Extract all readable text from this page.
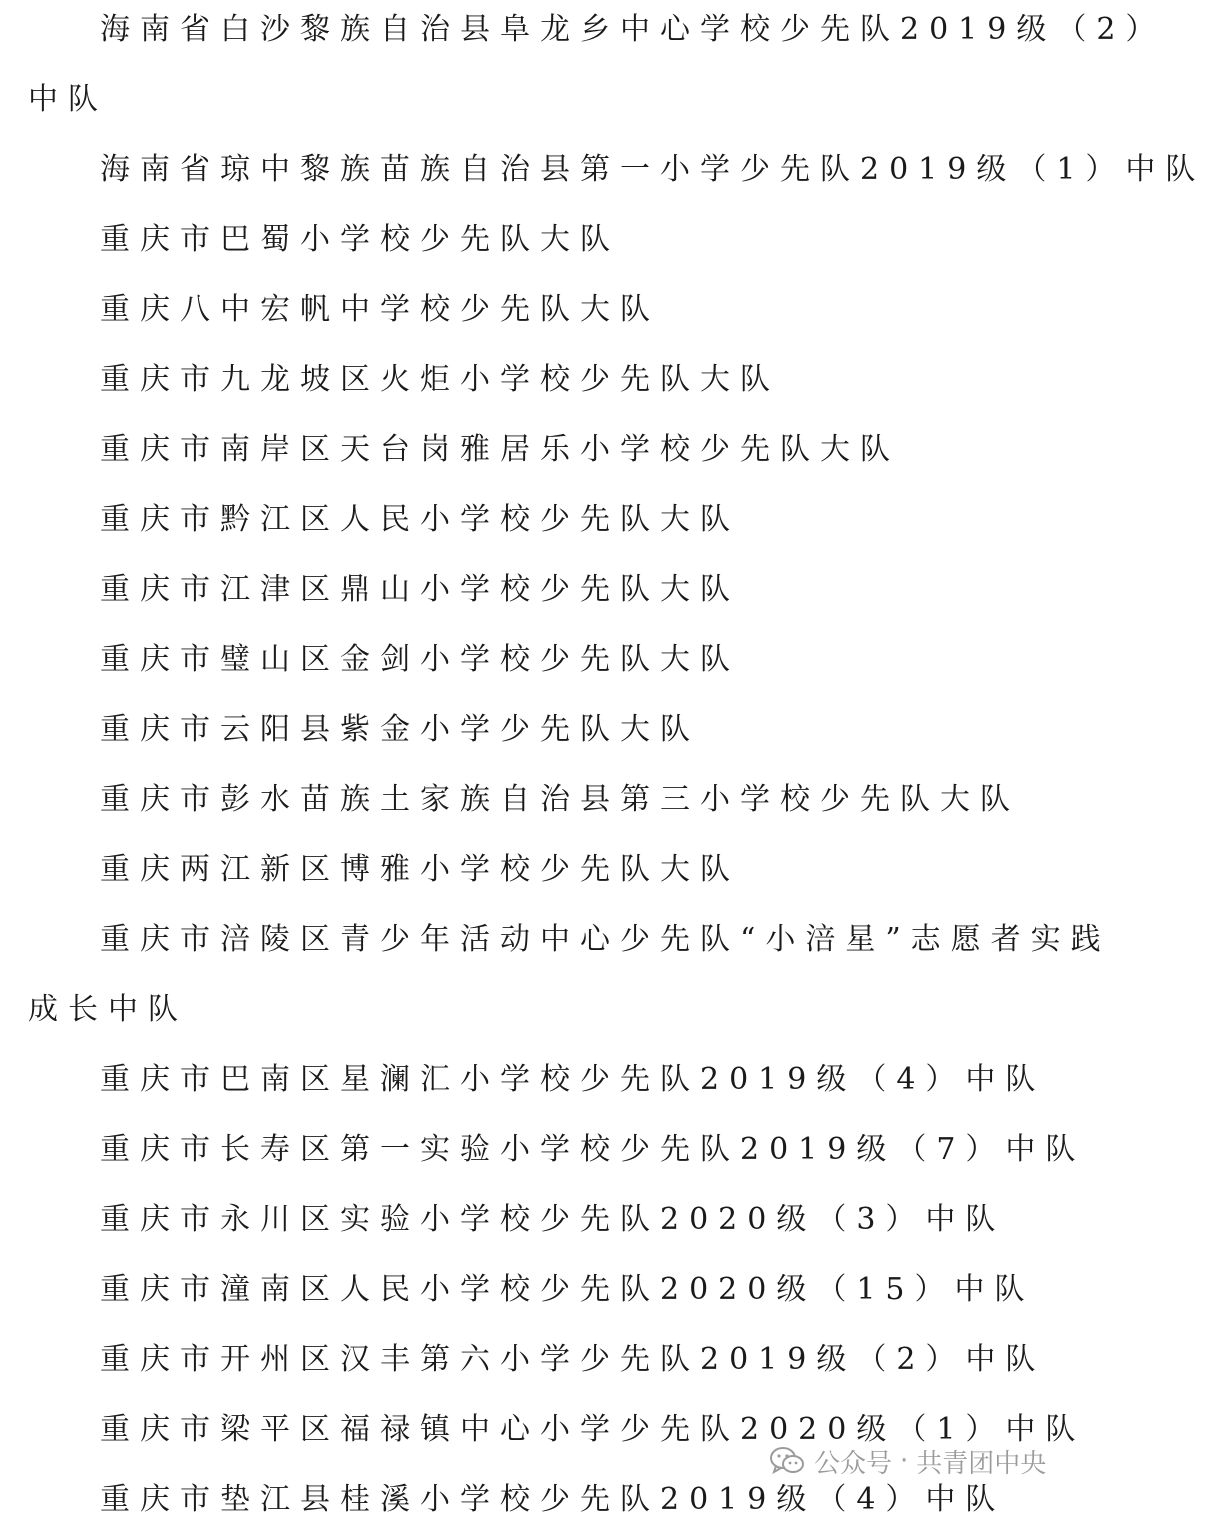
海南省白沙黎族自治县阜龙乡中心学校少先队2019级（2）
中队
海南省琼中黎族苗族自治县第一小学少先队2019级（1）中队
重庆市巴蜀小学校少先队大队
重庆八中宏帆中学校少先队大队
重庆市九龙坡区火炬小学校少先队大队
重庆市南岸区天台岗雅居乐小学校少先队大队
重庆市黔江区人民小学校少先队大队
重庆市江津区鼎山小学校少先队大队
重庆市璧山区金剑小学校少先队大队
重庆市云阳县紫金小学少先队大队
重庆市彭水苗族土家族自治县第三小学校少先队大队
重庆两江新区博雅小学校少先队大队
重庆市涪陵区青少年活动中心少先队“小涪星”志愿者实践
成长中队
重庆市巴南区星澜汇小学校少先队2019级（4）中队
重庆市长寿区第一实验小学校少先队2019级（7）中队
重庆市永川区实验小学校少先队2020级（3）中队
重庆市潼南区人民小学校少先队2020级（15）中队
重庆市开州区汉丰第六小学少先队2019级（2）中队
重庆市梁平区福禄镇中心小学少先队2020级（1）中队
重庆市垫江县桂溪小学校少先队2019级（4）中队
公众号 · 共青团中央
